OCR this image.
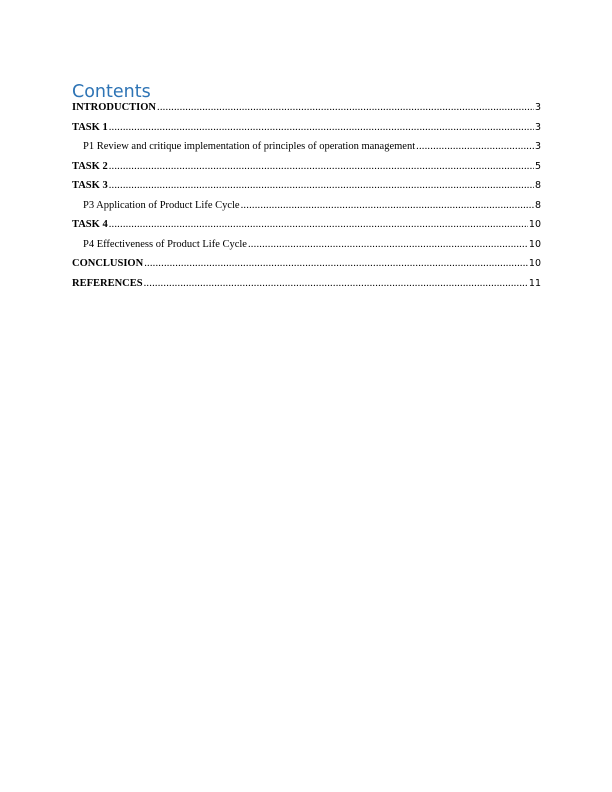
Contents
INTRODUCTION .....	3
TASK 1 .....	3
P1 Review and critique implementation of principles of operation management .....	3
TASK 2 .....	5
TASK 3 .....	8
P3 Application of Product Life Cycle .....	8
TASK 4 .....	10
P4 Effectiveness of Product Life Cycle .....	10
CONCLUSION .....	10
REFERENCES .....	11
